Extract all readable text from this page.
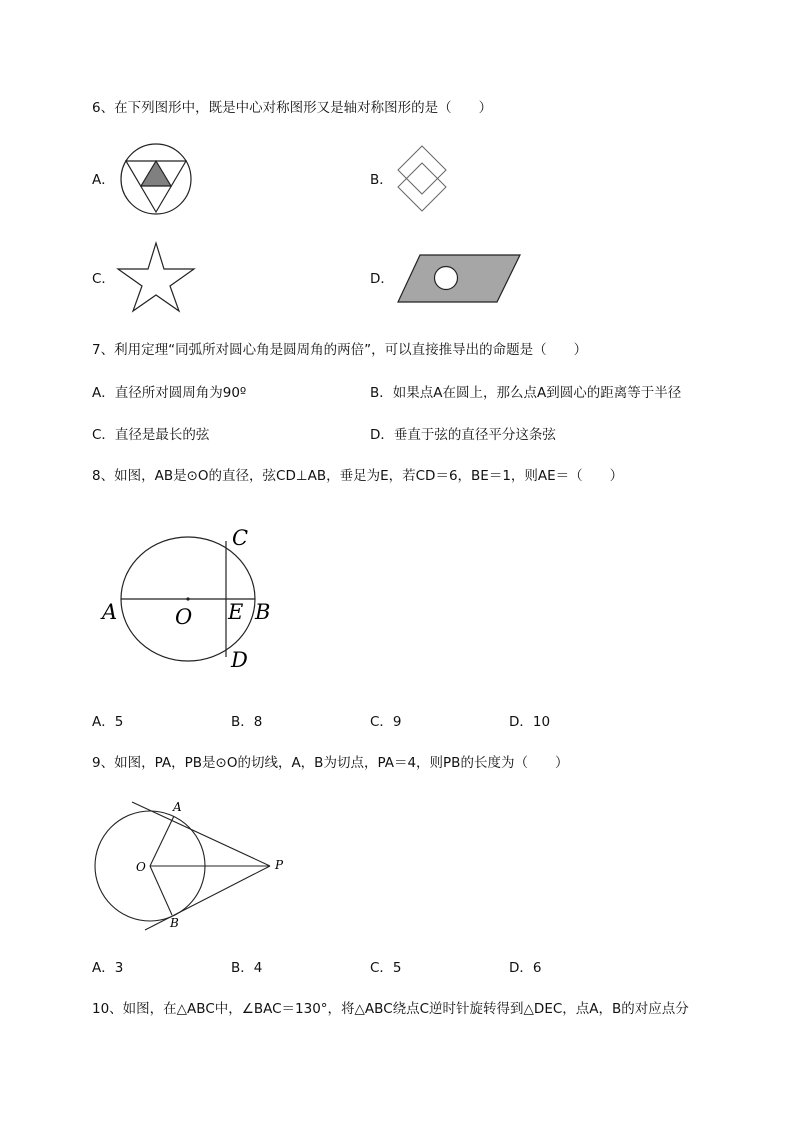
6、在下列图形中，既是中心对称图形又是轴对称图形的是（　　）
A．	B．
C．	D．
7、利用定理“同弧所对圆心角是圆周角的两倍”，可以直接推导出的命题是（　　）
A．直径所对圆周角为90º	B．如果点A在圆上，那么点A到圆心的距离等于半径
C．直径是最长的弦	D．垂直于弦的直径平分这条弦
8、如图，AB是⊙O的直径，弦CD⊥AB，垂足为E，若CD＝6，BE＝1，则AE＝（　　）
A	O E B
C
D
A．5	B．8	C．9	D．10
9、如图，PA，PB是⊙O的切线，A，B为切点，PA＝4，则PB的长度为（　　）
A
O	P
B
A．3	B．4	C．5	D．6
10、如图，在△ABC中，∠BAC＝130°，将△ABC绕点C逆时针旋转得到△DEC，点A，B的对应点分
